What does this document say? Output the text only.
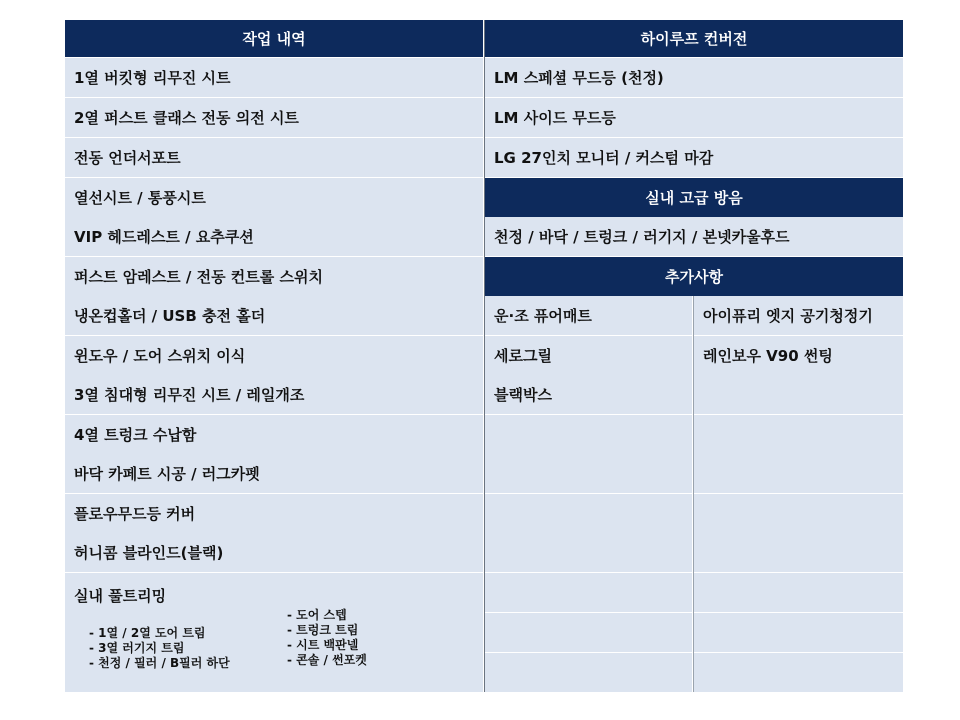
작업 내역
1열 버킷형 리무진 시트
2열 퍼스트 클래스 전동 의전 시트
전동 언더서포트
열선시트 / 통풍시트
VIP 헤드레스트 / 요추쿠션
퍼스트 암레스트 / 전동 컨트롤 스위치
냉온컵홀더 / USB 충전 홀더
윈도우 / 도어 스위치 이식
3열 침대형 리무진 시트 / 레일개조
4열 트렁크 수납함
바닥 카페트 시공 / 러그카펫
플로우무드등 커버
허니콤 블라인드(블랙)
실내 풀트리밍
- 1열 / 2열 도어 트림
- 3열 러기지 트림
- 천정 / 필러 / B필러 하단
- 도어 스텝
- 트렁크 트림
- 시트 백판넬
- 콘솔 / 썬포켓
하이루프 컨버전
LM 스페셜 무드등 (천정)
LM 사이드 무드등
LG 27인치 모니터 / 커스텀 마감
실내 고급 방음
천정 / 바닥 / 트렁크 / 러기지 / 본넷카울후드
추가사항
운·조 퓨어매트	아이퓨리 엣지 공기청정기
세로그릴	레인보우 V90 썬팅
블랙박스
